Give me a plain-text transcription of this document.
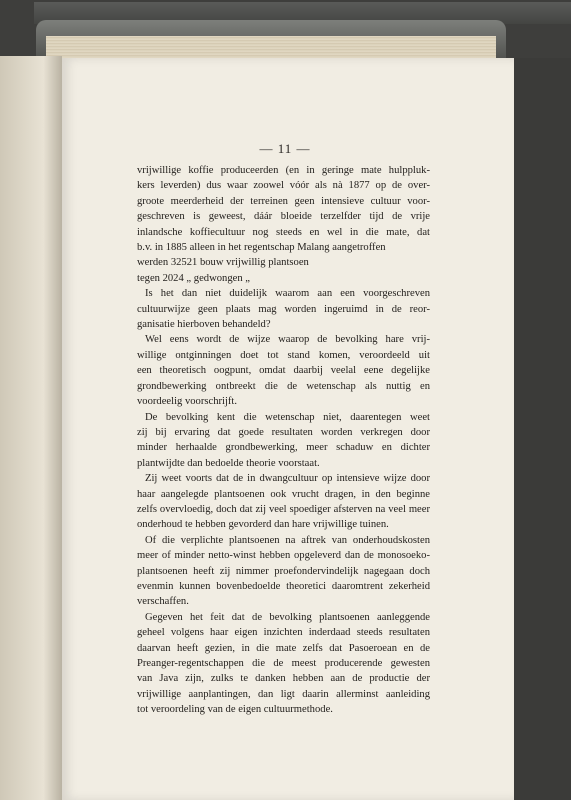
— 11 —
vrijwillige koffie produceerden (en in geringe mate hulppluk-
kers leverden) dus waar zoowel vóór als nà 1877 op de over-
groote meerderheid der terreinen geen intensieve cultuur voor-
geschreven is geweest, dáár bloeide terzelfder tijd de vrije
inlandsche koffiecultuur nog steeds en wel in die mate, dat
b.v. in 1885 alleen in het regentschap Malang aangetroffen
werden 32521 bouw vrijwillig plantsoen
tegen 2024 „ gedwongen „
Is het dan niet duidelijk waarom aan een voorgeschreven
cultuurwijze geen plaats mag worden ingeruimd in de reor-
ganisatie hierboven behandeld?
Wel eens wordt de wijze waarop de bevolking hare vrij-
willige ontginningen doet tot stand komen, veroordeeld uit
een theoretisch oogpunt, omdat daarbij veelal eene degelijke
grondbewerking ontbreekt die de wetenschap als nuttig en
voordeelig voorschrijft.
De bevolking kent die wetenschap niet, daarentegen weet
zij bij ervaring dat goede resultaten worden verkregen door
minder herhaalde grondbewerking, meer schaduw en dichter
plantwijdte dan bedoelde theorie voorstaat.
Zij weet voorts dat de in dwangcultuur op intensieve wijze door
haar aangelegde plantsoenen ook vrucht dragen, in den beginne
zelfs overvloedig, doch dat zij veel spoediger afsterven na veel meer
onderhoud te hebben gevorderd dan hare vrijwillige tuinen.
Of die verplichte plantsoenen na aftrek van onderhoudskosten
meer of minder netto-winst hebben opgeleverd dan de monosoeko-
plantsoenen heeft zij nimmer proefondervindelijk nagegaan doch
evenmin kunnen bovenbedoelde theoretici daaromtrent zekerheid
verschaffen.
Gegeven het feit dat de bevolking plantsoenen aanleggende
geheel volgens haar eigen inzichten inderdaad steeds resultaten
daarvan heeft gezien, in die mate zelfs dat Pasoeroean en de
Preanger-regentschappen die de meest producerende gewesten
van Java zijn, zulks te danken hebben aan de productie der
vrijwillige aanplantingen, dan ligt daarin allerminst aanleiding
tot veroordeling van de eigen cultuurmethode.
